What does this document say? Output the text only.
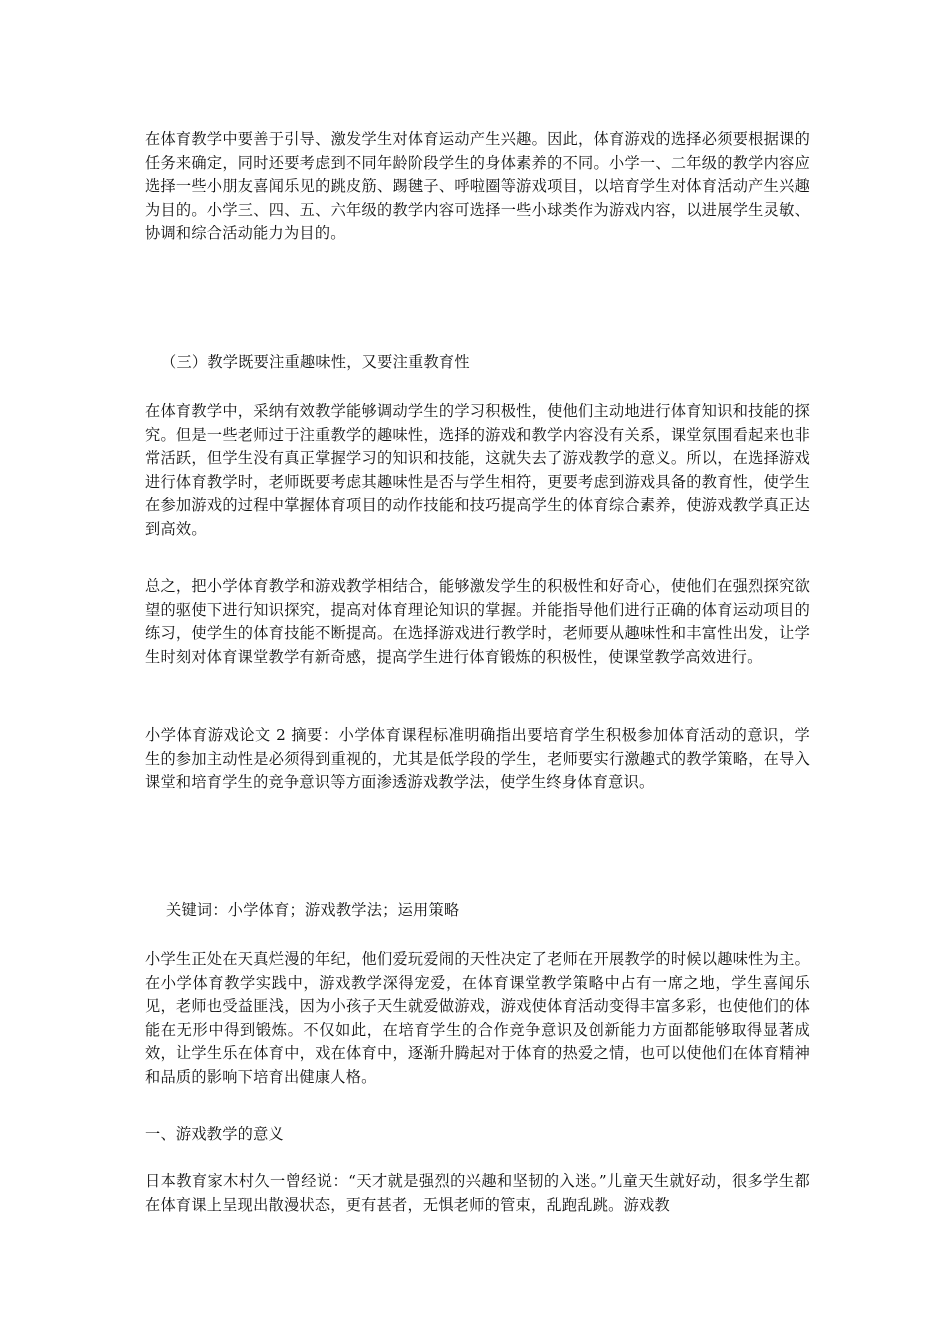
在体育教学中要善于引导、激发学生对体育运动产生兴趣。因此，体育游戏的选择必须要根据课的任务来确定，同时还要考虑到不同年龄阶段学生的身体素养的不同。小学一、二年级的教学内容应选择一些小朋友喜闻乐见的跳皮筋、踢毽子、呼啦圈等游戏项目，以培育学生对体育活动产生兴趣为目的。小学三、四、五、六年级的教学内容可选择一些小球类作为游戏内容，以进展学生灵敏、协调和综合活动能力为目的。

（三）教学既要注重趣味性，又要注重教育性

在体育教学中，采纳有效教学能够调动学生的学习积极性，使他们主动地进行体育知识和技能的探究。但是一些老师过于注重教学的趣味性，选择的游戏和教学内容没有关系，课堂氛围看起来也非常活跃，但学生没有真正掌握学习的知识和技能，这就失去了游戏教学的意义。所以，在选择游戏进行体育教学时，老师既要考虑其趣味性是否与学生相符，更要考虑到游戏具备的教育性，使学生在参加游戏的过程中掌握体育项目的动作技能和技巧提高学生的体育综合素养，使游戏教学真正达到高效。

总之，把小学体育教学和游戏教学相结合，能够激发学生的积极性和好奇心，使他们在强烈探究欲望的驱使下进行知识探究，提高对体育理论知识的掌握。并能指导他们进行正确的体育运动项目的练习，使学生的体育技能不断提高。在选择游戏进行教学时，老师要从趣味性和丰富性出发，让学生时刻对体育课堂教学有新奇感，提高学生进行体育锻炼的积极性，使课堂教学高效进行。

小学体育游戏论文 2 摘要：小学体育课程标准明确指出要培育学生积极参加体育活动的意识，学生的参加主动性是必须得到重视的，尤其是低学段的学生，老师要实行激趣式的教学策略，在导入课堂和培育学生的竞争意识等方面渗透游戏教学法，使学生终身体育意识。

关键词：小学体育；游戏教学法；运用策略

小学生正处在天真烂漫的年纪，他们爱玩爱闹的天性决定了老师在开展教学的时候以趣味性为主。在小学体育教学实践中，游戏教学深得宠爱，在体育课堂教学策略中占有一席之地，学生喜闻乐见，老师也受益匪浅，因为小孩子天生就爱做游戏，游戏使体育活动变得丰富多彩，也使他们的体能在无形中得到锻炼。不仅如此，在培育学生的合作竞争意识及创新能力方面都能够取得显著成效，让学生乐在体育中，戏在体育中，逐渐升腾起对于体育的热爱之情，也可以使他们在体育精神和品质的影响下培育出健康人格。

一、游戏教学的意义

日本教育家木村久一曾经说：“天才就是强烈的兴趣和坚韧的入迷。”儿童天生就好动，很多学生都在体育课上呈现出散漫状态，更有甚者，无惧老师的管束，乱跑乱跳。游戏教
